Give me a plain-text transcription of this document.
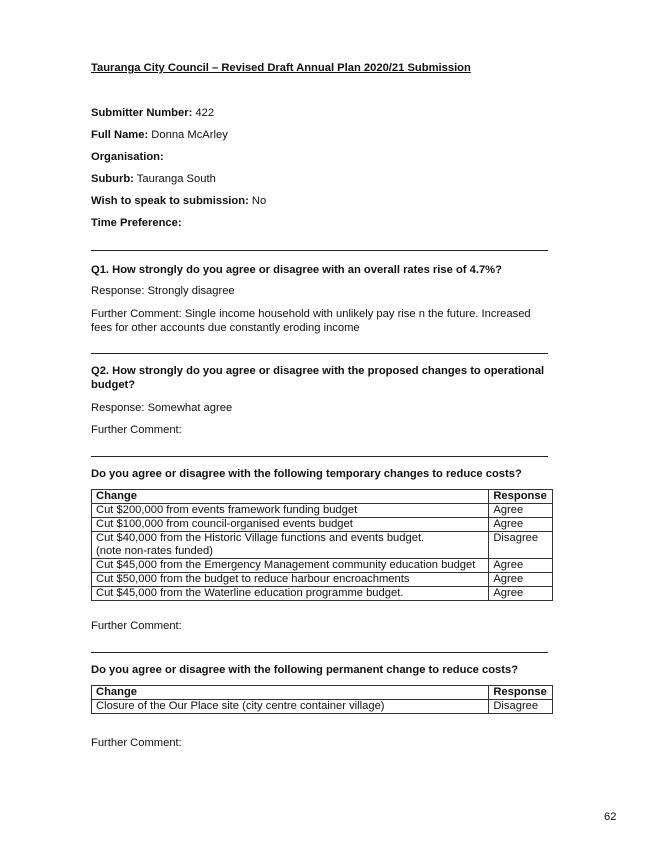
Tauranga City Council – Revised Draft Annual Plan 2020/21 Submission
Submitter Number: 422
Full Name: Donna McArley
Organisation:
Suburb: Tauranga South
Wish to speak to submission: No
Time Preference:
Q1. How strongly do you agree or disagree with an overall rates rise of 4.7%?
Response: Strongly disagree
Further Comment: Single income household with unlikely pay rise n the future. Increased fees for other accounts due constantly eroding income
Q2. How strongly do you agree or disagree with the proposed changes to operational budget?
Response: Somewhat agree
Further Comment:
Do you agree or disagree with the following temporary changes to reduce costs?
Change	Response
Cut $200,000 from events framework funding budget	Agree
Cut $100,000 from council-organised events budget	Agree

Cut $40,000 from the Historic Village functions and events budget.
(note non-rates funded)	Disagree
Cut $45,000 from the Emergency Management community education budget	Agree
Cut $50,000 from the budget to reduce harbour encroachments	Agree
Cut $45,000 from the Waterline education programme budget.	Agree
Further Comment:
Do you agree or disagree with the following permanent change to reduce costs?
Change	Response
Closure of the Our Place site (city centre container village)	Disagree
Further Comment:
62
